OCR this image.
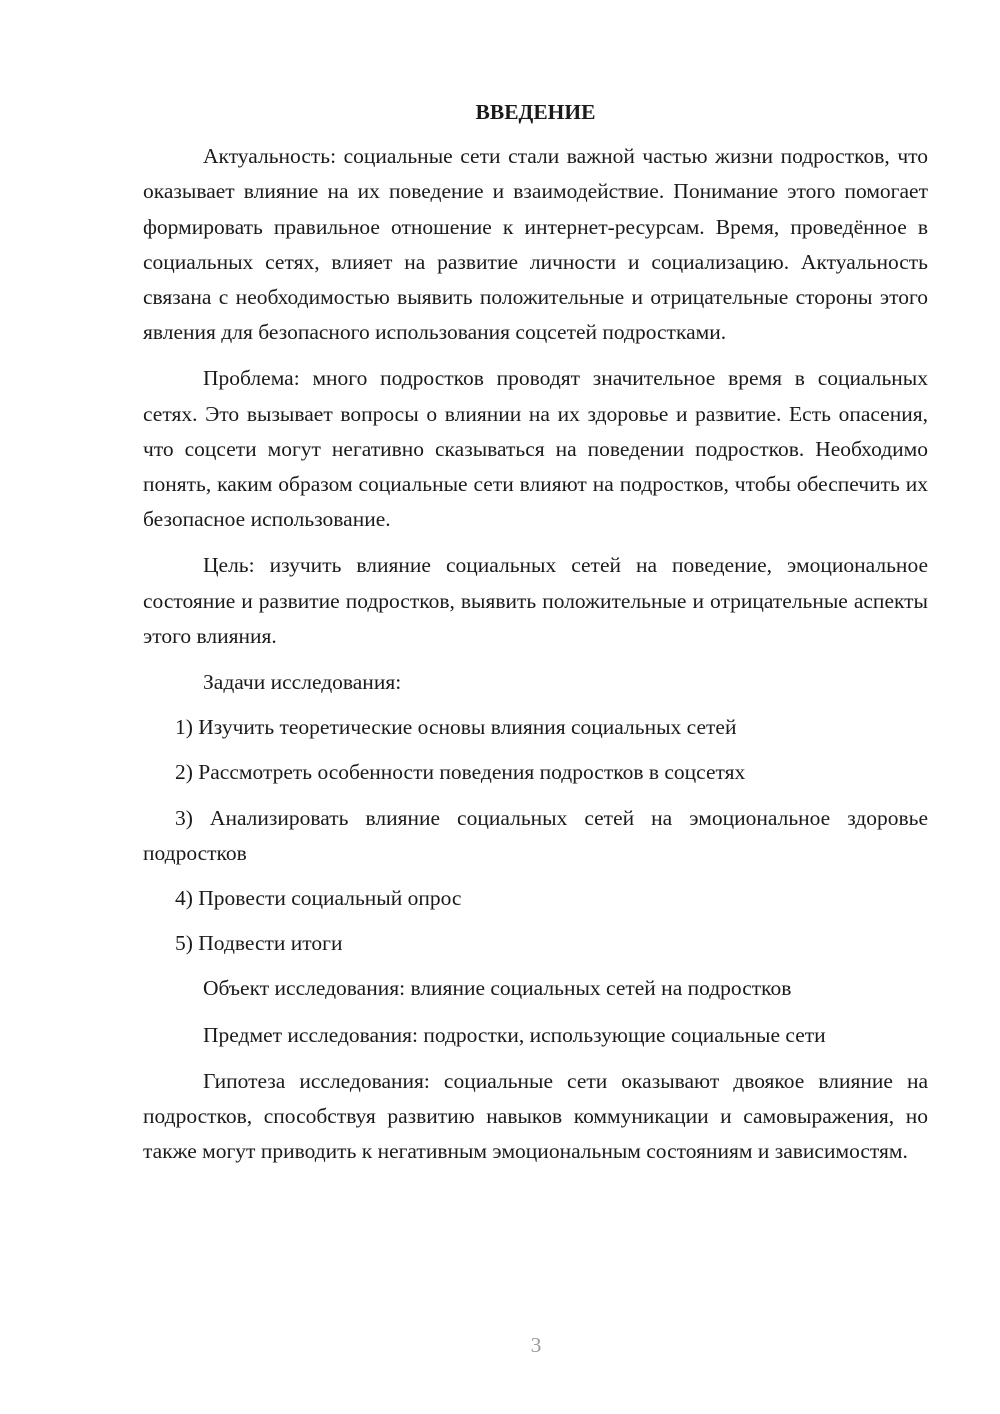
ВВЕДЕНИЕ

Актуальность: социальные сети стали важной частью жизни подростков, что оказывает влияние на их поведение и взаимодействие. Понимание этого помогает формировать правильное отношение к интернет-ресурсам. Время, проведённое в социальных сетях, влияет на развитие личности и социализацию. Актуальность связана с необходимостью выявить положительные и отрицательные стороны этого явления для безопасного использования соцсетей подростками.

Проблема: много подростков проводят значительное время в социальных сетях. Это вызывает вопросы о влиянии на их здоровье и развитие. Есть опасения, что соцсети могут негативно сказываться на поведении подростков. Необходимо понять, каким образом социальные сети влияют на подростков, чтобы обеспечить их безопасное использование.

Цель: изучить влияние социальных сетей на поведение, эмоциональное состояние и развитие подростков, выявить положительные и отрицательные аспекты этого влияния.

Задачи исследования:

1) Изучить теоретические основы влияния социальных сетей

2) Рассмотреть особенности поведения подростков в соцсетях

3) Анализировать влияние социальных сетей на эмоциональное здоровье подростков

4) Провести социальный опрос

5) Подвести итоги

Объект исследования: влияние социальных сетей на подростков

Предмет исследования: подростки, использующие социальные сети

Гипотеза исследования: социальные сети оказывают двоякое влияние на подростков, способствуя развитию навыков коммуникации и самовыражения, но также могут приводить к негативным эмоциональным состояниям и зависимостям.

3
